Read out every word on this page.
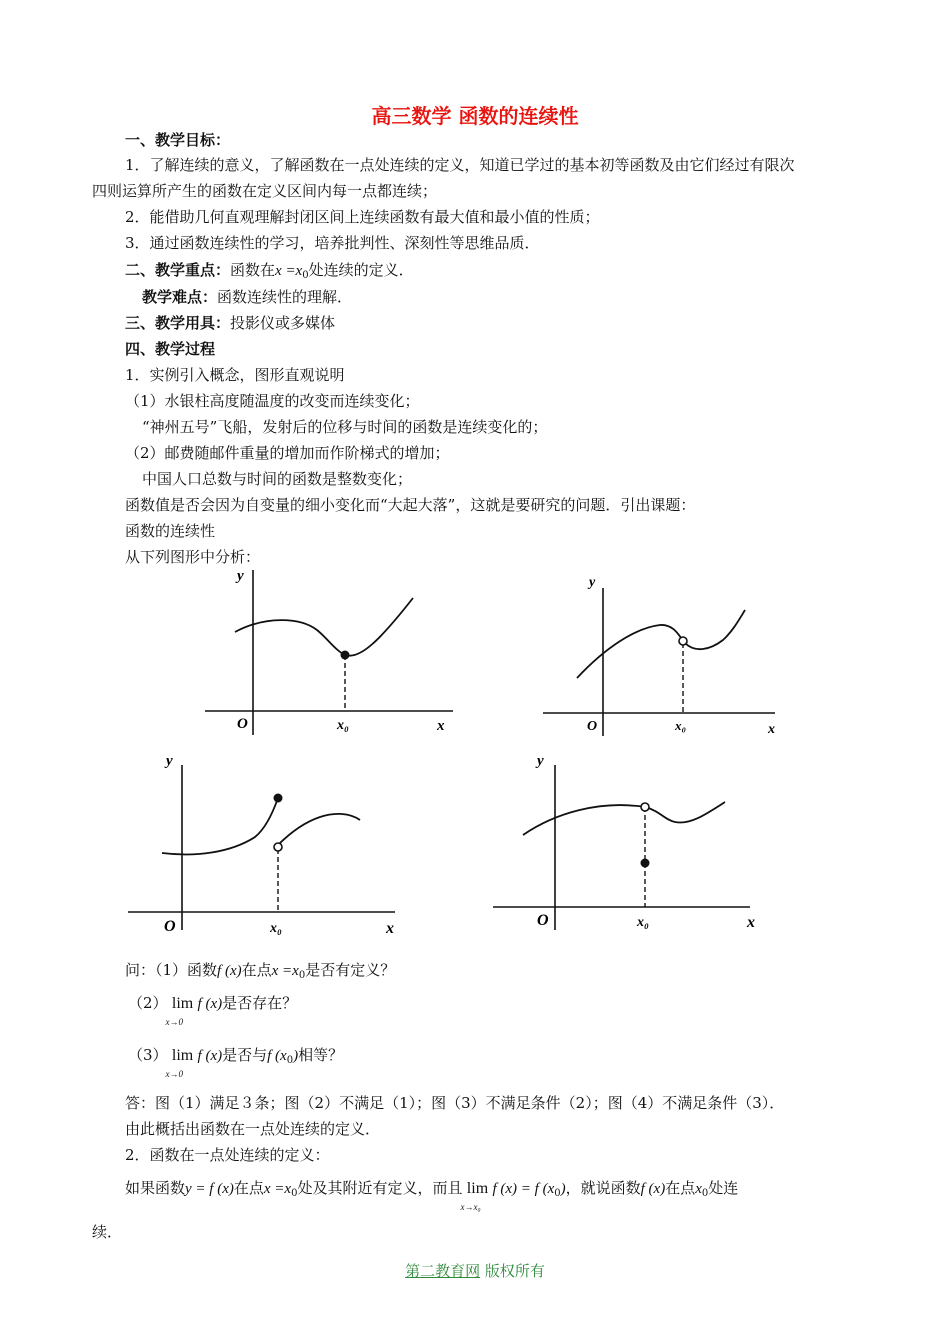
高三数学 函数的连续性
一、教学目标：
1．了解连续的意义，了解函数在一点处连续的定义，知道已学过的基本初等函数及由它们经过有限次
四则运算所产生的函数在定义区间内每一点都连续；
2．能借助几何直观理解封闭区间上连续函数有最大值和最小值的性质；
3．通过函数连续性的学习，培养批判性、深刻性等思维品质．
二、教学重点：函数在$x =x_0$处连续的定义．
教学难点：函数连续性的理解．
三、教学用具：投影仪或多媒体
四、教学过程
1．实例引入概念，图形直观说明
（1）水银柱高度随温度的改变而连续变化；
“神州五号”飞船，发射后的位移与时间的函数是连续变化的；
（2）邮费随邮件重量的增加而作阶梯式的增加；
中国人口总数与时间的函数是整数变化；
函数值是否会因为自变量的细小变化而“大起大落”，这就是要研究的问题．引出课题：
函数的连续性
从下列图形中分析：
y
O	x₀	x
y
O	x₀	x
y
O	x₀	x
y
O	x₀	x
问：（1）函数f (x)在点$x =x_0$是否有定义？
（2） lim
x→0
f (x)是否存在？
（3） lim
x→0
f (x)是否与f $(x_0)$相等？
答：图（1）满足３条；图（2）不满足（1）；图（3）不满足条件（2）；图（4）不满足条件（3）．
由此概括出函数在一点处连续的定义．
2．函数在一点处连续的定义：
如果函数y = f (x)在点$x =x_0$处及其附近有定义，而且 lim
x→x₀
f (x) = f $(x_0)$，就说函数f (x)在点$x_0$处连
续．
第二教育网 版权所有
